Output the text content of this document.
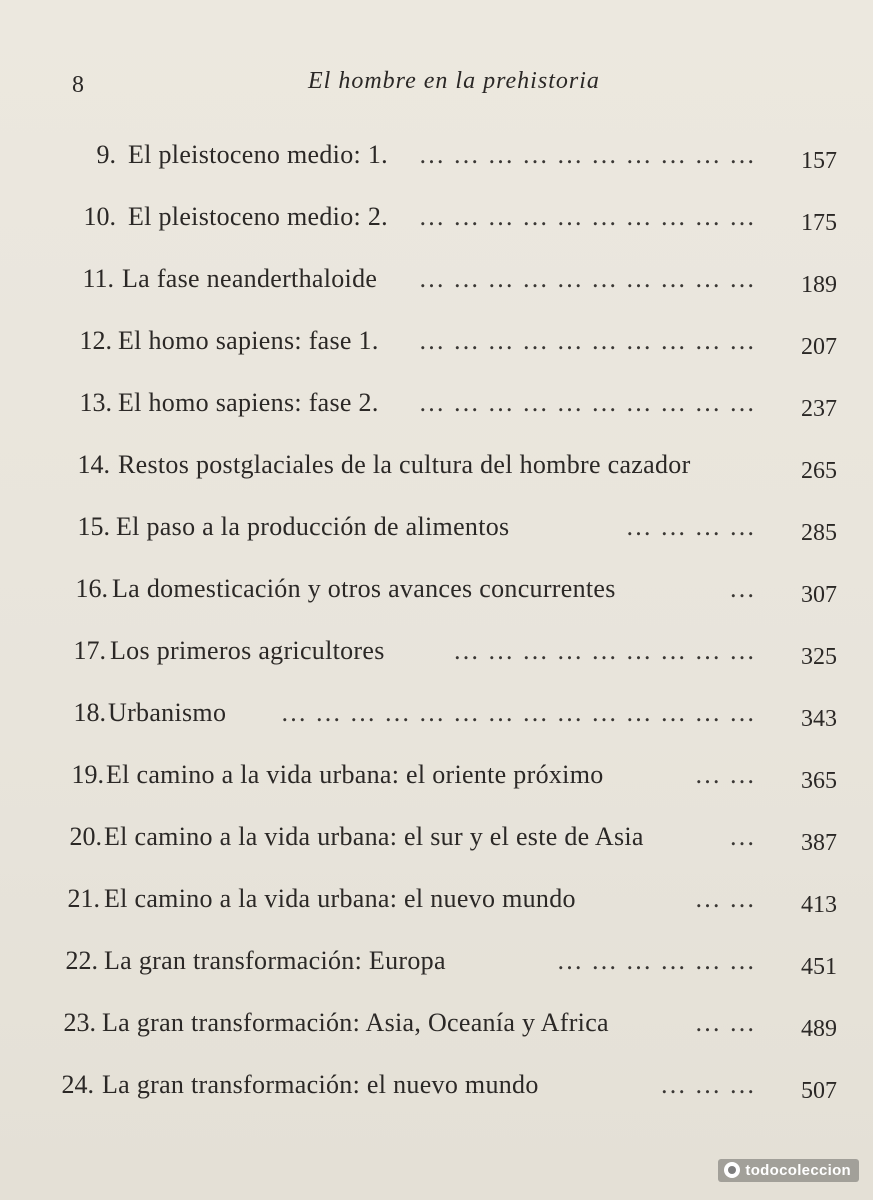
8	El hombre en la prehistoria
9. El pleistoceno medio: 1. … … … … … … … … … …	157
10. El pleistoceno medio: 2. … … … … … … … … … …	175
11. La fase neanderthaloide … … … … … … … … … …	189
12. El homo sapiens: fase 1. … … … … … … … … … …	207
13. El homo sapiens: fase 2. … … … … … … … … … …	237
14. Restos postglaciales de la cultura del hombre cazador	265
15. El paso a la producción de alimentos	… … … …	285
16. La domesticación y otros avances concurrentes	…	307
17. Los primeros agricultores	… … … … … … … … …	325
18. Urbanismo … … … … … … … … … … … … … …	343
19. El camino a la vida urbana: el oriente próximo	… …	365
20. El camino a la vida urbana: el sur y el este de Asia	…	387
21. El camino a la vida urbana: el nuevo mundo	… …	413
22. La gran transformación: Europa	… … … … … …	451
23. La gran transformación: Asia, Oceanía y Africa	… …	489
24. La gran transformación: el nuevo mundo	… … …	507
todocoleccion
